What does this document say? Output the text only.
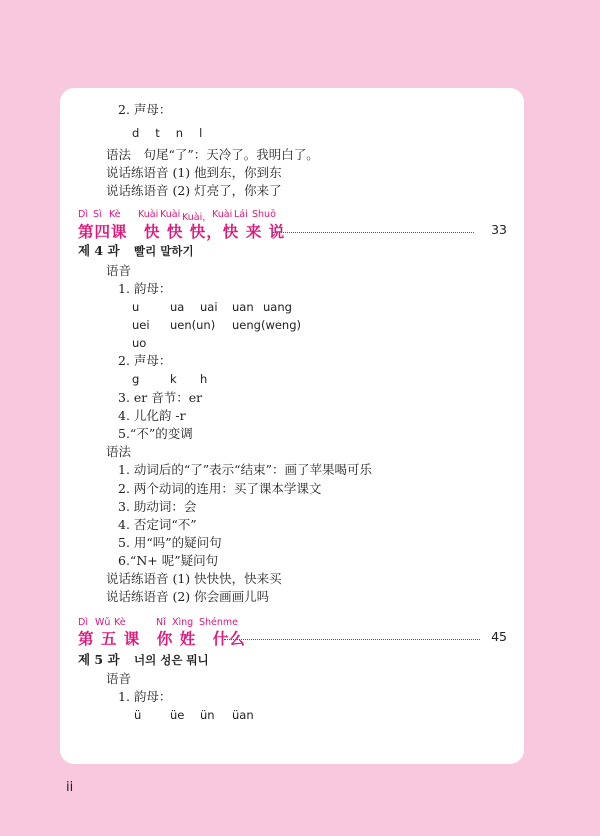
2. 声母：
d t n l
语法　句尾“了”：天冷了。我明白了。
说话练语音 (1) 他到东，你到东
说话练语音 (2) 灯亮了，你来了
Dì Sì Kè Kuài Kuài Kuài， Kuài Lái Shuō
第四课　快 快 快，快 来 说	33
제 4 과 빨리 말하기
语音
1. 韵母：
u	ua uai uan uang
uei uen(un) ueng(weng)
uo
2. 声母：
g	k h
3. er 音节：er
4. 儿化韵 -r
5.“不”的变调
语法
1. 动词后的“了”表示“结束”：画了苹果喝可乐
2. 两个动词的连用：买了课本学课文
3. 助动词：会
4. 否定词“不”
5. 用“吗”的疑问句
6.“N+ 呢”疑问句
说话练语音 (1) 快快快，快来买
说话练语音 (2) 你会画画儿吗
Dì Wǔ Kè	Nǐ Xìng Shénme
第 五 课　你 姓　什么	45
제 5 과 너의 성은 뭐니
语音
1. 韵母：
ü üe ün üan
ii
